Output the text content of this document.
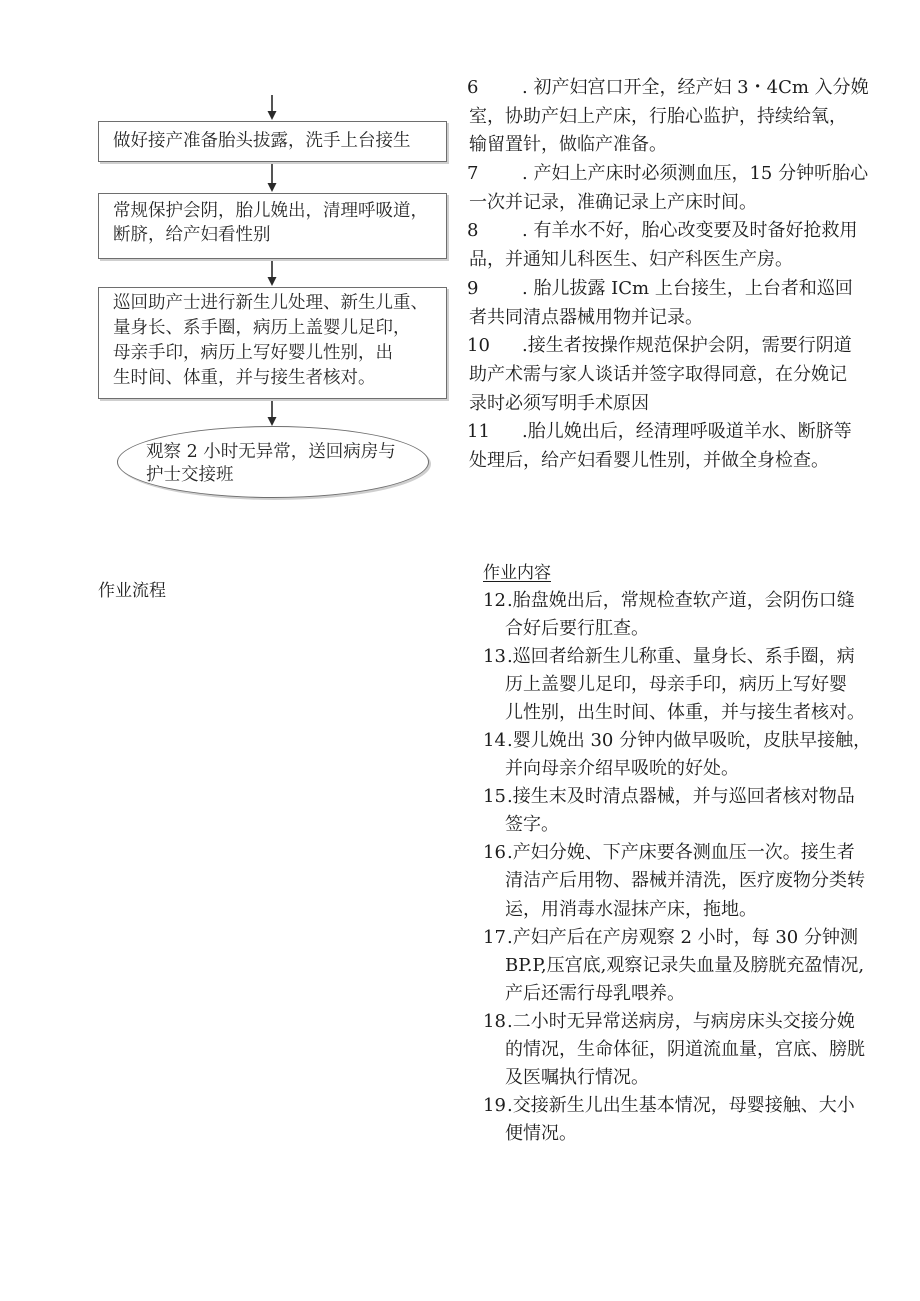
做好接产准备胎头拔露，洗手上台接生
常规保护会阴，胎儿娩出，清理呼吸道，
断脐，给产妇看性别
巡回助产士进行新生儿处理、新生儿重、
量身长、系手圈，病历上盖婴儿足印，
母亲手印，病历上写好婴儿性别，出
生时间、体重，并与接生者核对。
观察 2 小时无异常，送回病房与
护士交接班
6 . 初产妇宫口开全，经产妇 3・4Cm 入分娩
室，协助产妇上产床，行胎心监护，持续给氧，
输留置针，做临产准备。
7 . 产妇上产床时必须测血压，15 分钟听胎心
一次并记录，准确记录上产床时间。
8 . 有羊水不好，胎心改变要及时备好抢救用
品，并通知儿科医生、妇产科医生产房。
9 . 胎儿拔露 ICm 上台接生，上台者和巡回
者共同清点器械用物并记录。
10 .接生者按操作规范保护会阴，需要行阴道
助产术需与家人谈话并签字取得同意，在分娩记
录时必须写明手术原因
11 .胎儿娩出后，经清理呼吸道羊水、断脐等
处理后，给产妇看婴儿性别，并做全身检查。
作业流程
作业内容
12.胎盘娩出后，常规检查软产道，会阴伤口缝
合好后要行肛查。
13.巡回者给新生儿称重、量身长、系手圈，病
历上盖婴儿足印，母亲手印，病历上写好婴
儿性别，出生时间、体重，并与接生者核对。
14.婴儿娩出 30 分钟内做早吸吮，皮肤早接触，
并向母亲介绍早吸吮的好处。
15.接生末及时清点器械，并与巡回者核对物品
签字。
16.产妇分娩、下产床要各测血压一次。接生者
清洁产后用物、器械并清洗，医疗废物分类转
运，用消毒水湿抹产床，拖地。
17.产妇产后在产房观察 2 小时，每 30 分钟测
BP.P,压宫底,观察记录失血量及膀胱充盈情况,
产后还需行母乳喂养。
18.二小时无异常送病房，与病房床头交接分娩
的情况，生命体征，阴道流血量，宫底、膀胱
及医嘱执行情况。
19.交接新生儿出生基本情况，母婴接触、大小
便情况。
